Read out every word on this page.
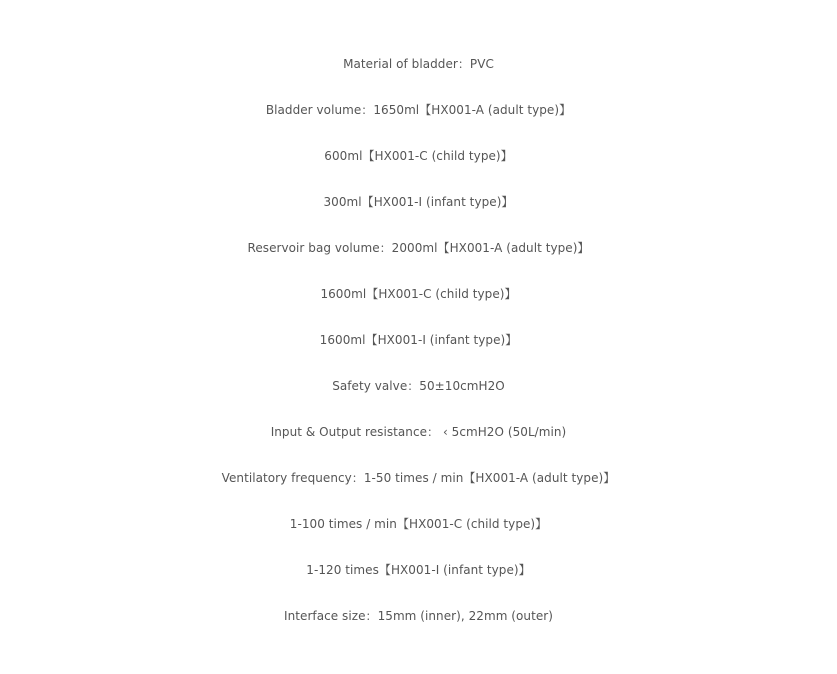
Material of bladder：PVC
Bladder volume：1650ml【HX001-A (adult type)】
600ml【HX001-C (child type)】
300ml【HX001-I (infant type)】
Reservoir bag volume：2000ml【HX001-A (adult type)】
1600ml【HX001-C (child type)】
1600ml【HX001-I (infant type)】
Safety valve：50±10cmH2O
Input & Output resistance： ‹ 5cmH2O (50L/min)
Ventilatory frequency：1-50 times / min【HX001-A (adult type)】
1-100 times / min【HX001-C (child type)】
1-120 times【HX001-I (infant type)】
Interface size：15mm (inner), 22mm (outer)
